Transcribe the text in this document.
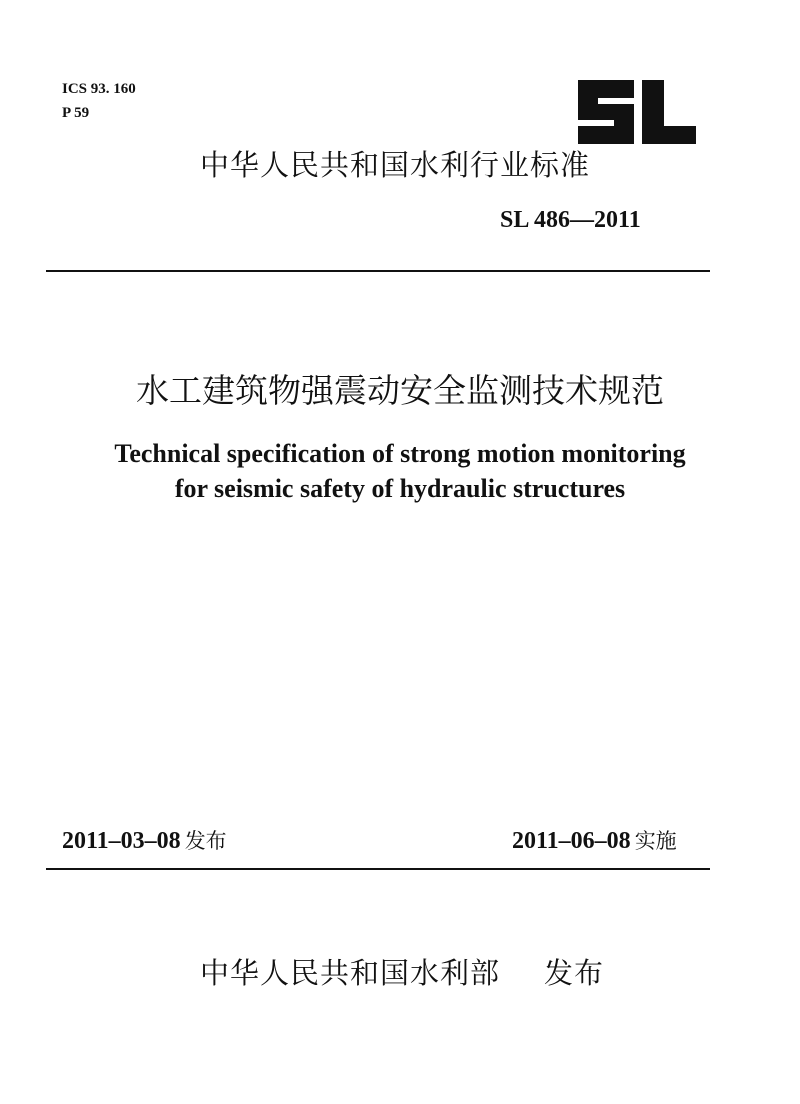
ICS 93. 160
P 59
中华人民共和国水利行业标准
SL 486—2011
水工建筑物强震动安全监测技术规范
Technical specification of strong motion monitoring
for seismic safety of hydraulic structures
2011–03–08 发布	2011–06–08 实施
中华人民共和国水利部 发布
